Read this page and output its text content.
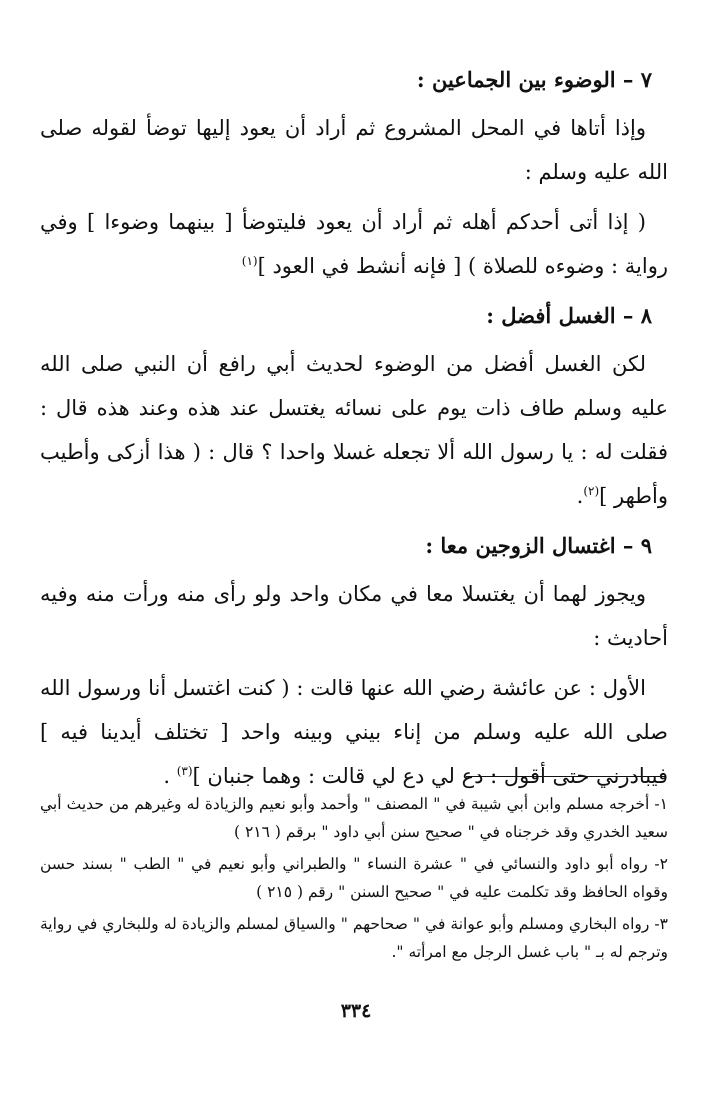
٧ – الوضوء بين الجماعين :

وإذا أتاها في المحل المشروع ثم أراد أن يعود إليها توضأ لقوله صلى الله عليه وسلم :

( إذا أتى أحدكم أهله ثم أراد أن يعود فليتوضأ [ بينهما وضوءا ] وفي رواية : وضوءه للصلاة ) [ فإنه أنشط في العود ]$^{(١)}$

٨ – الغسل أفضل :

لكن الغسل أفضل من الوضوء لحديث أبي رافع أن النبي صلى الله عليه وسلم طاف ذات يوم على نسائه يغتسل عند هذه وعند هذه قال : فقلت له : يا رسول الله ألا تجعله غسلا واحدا ؟ قال : ( هذا أزكى وأطيب وأطهر ]$^{(٢)}$.

٩ – اغتسال الزوجين معا :

ويجوز لهما أن يغتسلا معا في مكان واحد ولو رأى منه ورأت منه وفيه أحاديث :

الأول : عن عائشة رضي الله عنها قالت : ( كنت اغتسل أنا ورسول الله صلى الله عليه وسلم من إناء بيني وبينه واحد [ تختلف أيدينا فيه ] فيبادرني حتى أقول : دع لي دع لي قالت : وهما جنبان ]$^{(٣)}$ .

١- أخرجه مسلم وابن أبي شيبة في " المصنف " وأحمد وأبو نعيم والزيادة له وغيرهم من حديث أبي سعيد الخدري وقد خرجناه في " صحيح سنن أبي داود " برقم ( ٢١٦ )

٢- رواه أبو داود والنسائي في " عشرة النساء " والطبراني وأبو نعيم في " الطب " بسند حسن وقواه الحافظ وقد تكلمت عليه في " صحيح السنن " رقم ( ٢١٥ )

٣- رواه البخاري ومسلم وأبو عوانة في " صحاحهم " والسياق لمسلم والزيادة له وللبخاري في رواية وترجم له بـ " باب غسل الرجل مع امرأته ".

٣٣٤
